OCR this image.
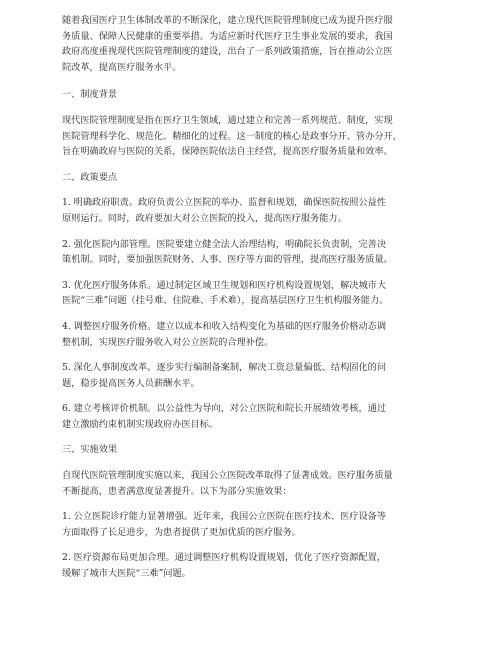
随着我国医疗卫生体制改革的不断深化，建立现代医院管理制度已成为提升医疗服
务质量、保障人民健康的重要举措。为适应新时代医疗卫生事业发展的要求，我国
政府高度重视现代医院管理制度的建设，出台了一系列政策措施，旨在推动公立医
院改革，提高医疗服务水平。

一、制度背景

现代医院管理制度是指在医疗卫生领域，通过建立和完善一系列规范、制度，实现
医院管理科学化、规范化、精细化的过程。这一制度的核心是政事分开、管办分开，
旨在明确政府与医院的关系，保障医院依法自主经营，提高医疗服务质量和效率。

二、政策要点

1. 明确政府职责。政府负责公立医院的举办、监督和规划，确保医院按照公益性
原则运行。同时，政府要加大对公立医院的投入，提高医疗服务能力。

2. 强化医院内部管理。医院要建立健全法人治理结构，明确院长负责制，完善决
策机制。同时，要加强医院财务、人事、医疗等方面的管理，提高医疗服务质量。

3. 优化医疗服务体系。通过制定区域卫生规划和医疗机构设置规划，解决城市大
医院“三难”问题（挂号难、住院难、手术难），提高基层医疗卫生机构服务能力。

4. 调整医疗服务价格。建立以成本和收入结构变化为基础的医疗服务价格动态调
整机制，实现医疗服务收入对公立医院的合理补偿。

5. 深化人事制度改革。逐步实行编制备案制，解决工资总量偏低、结构固化的问
题，稳步提高医务人员薪酬水平。

6. 建立考核评价机制。以公益性为导向，对公立医院和院长开展绩效考核，通过
建立激励约束机制实现政府办医目标。

三、实施效果

自现代医院管理制度实施以来，我国公立医院改革取得了显著成效。医疗服务质量
不断提高，患者满意度显著提升。以下为部分实施效果：

1. 公立医院诊疗能力显著增强。近年来，我国公立医院在医疗技术、医疗设备等
方面取得了长足进步，为患者提供了更加优质的医疗服务。

2. 医疗资源布局更加合理。通过调整医疗机构设置规划，优化了医疗资源配置，
缓解了城市大医院“三难”问题。
